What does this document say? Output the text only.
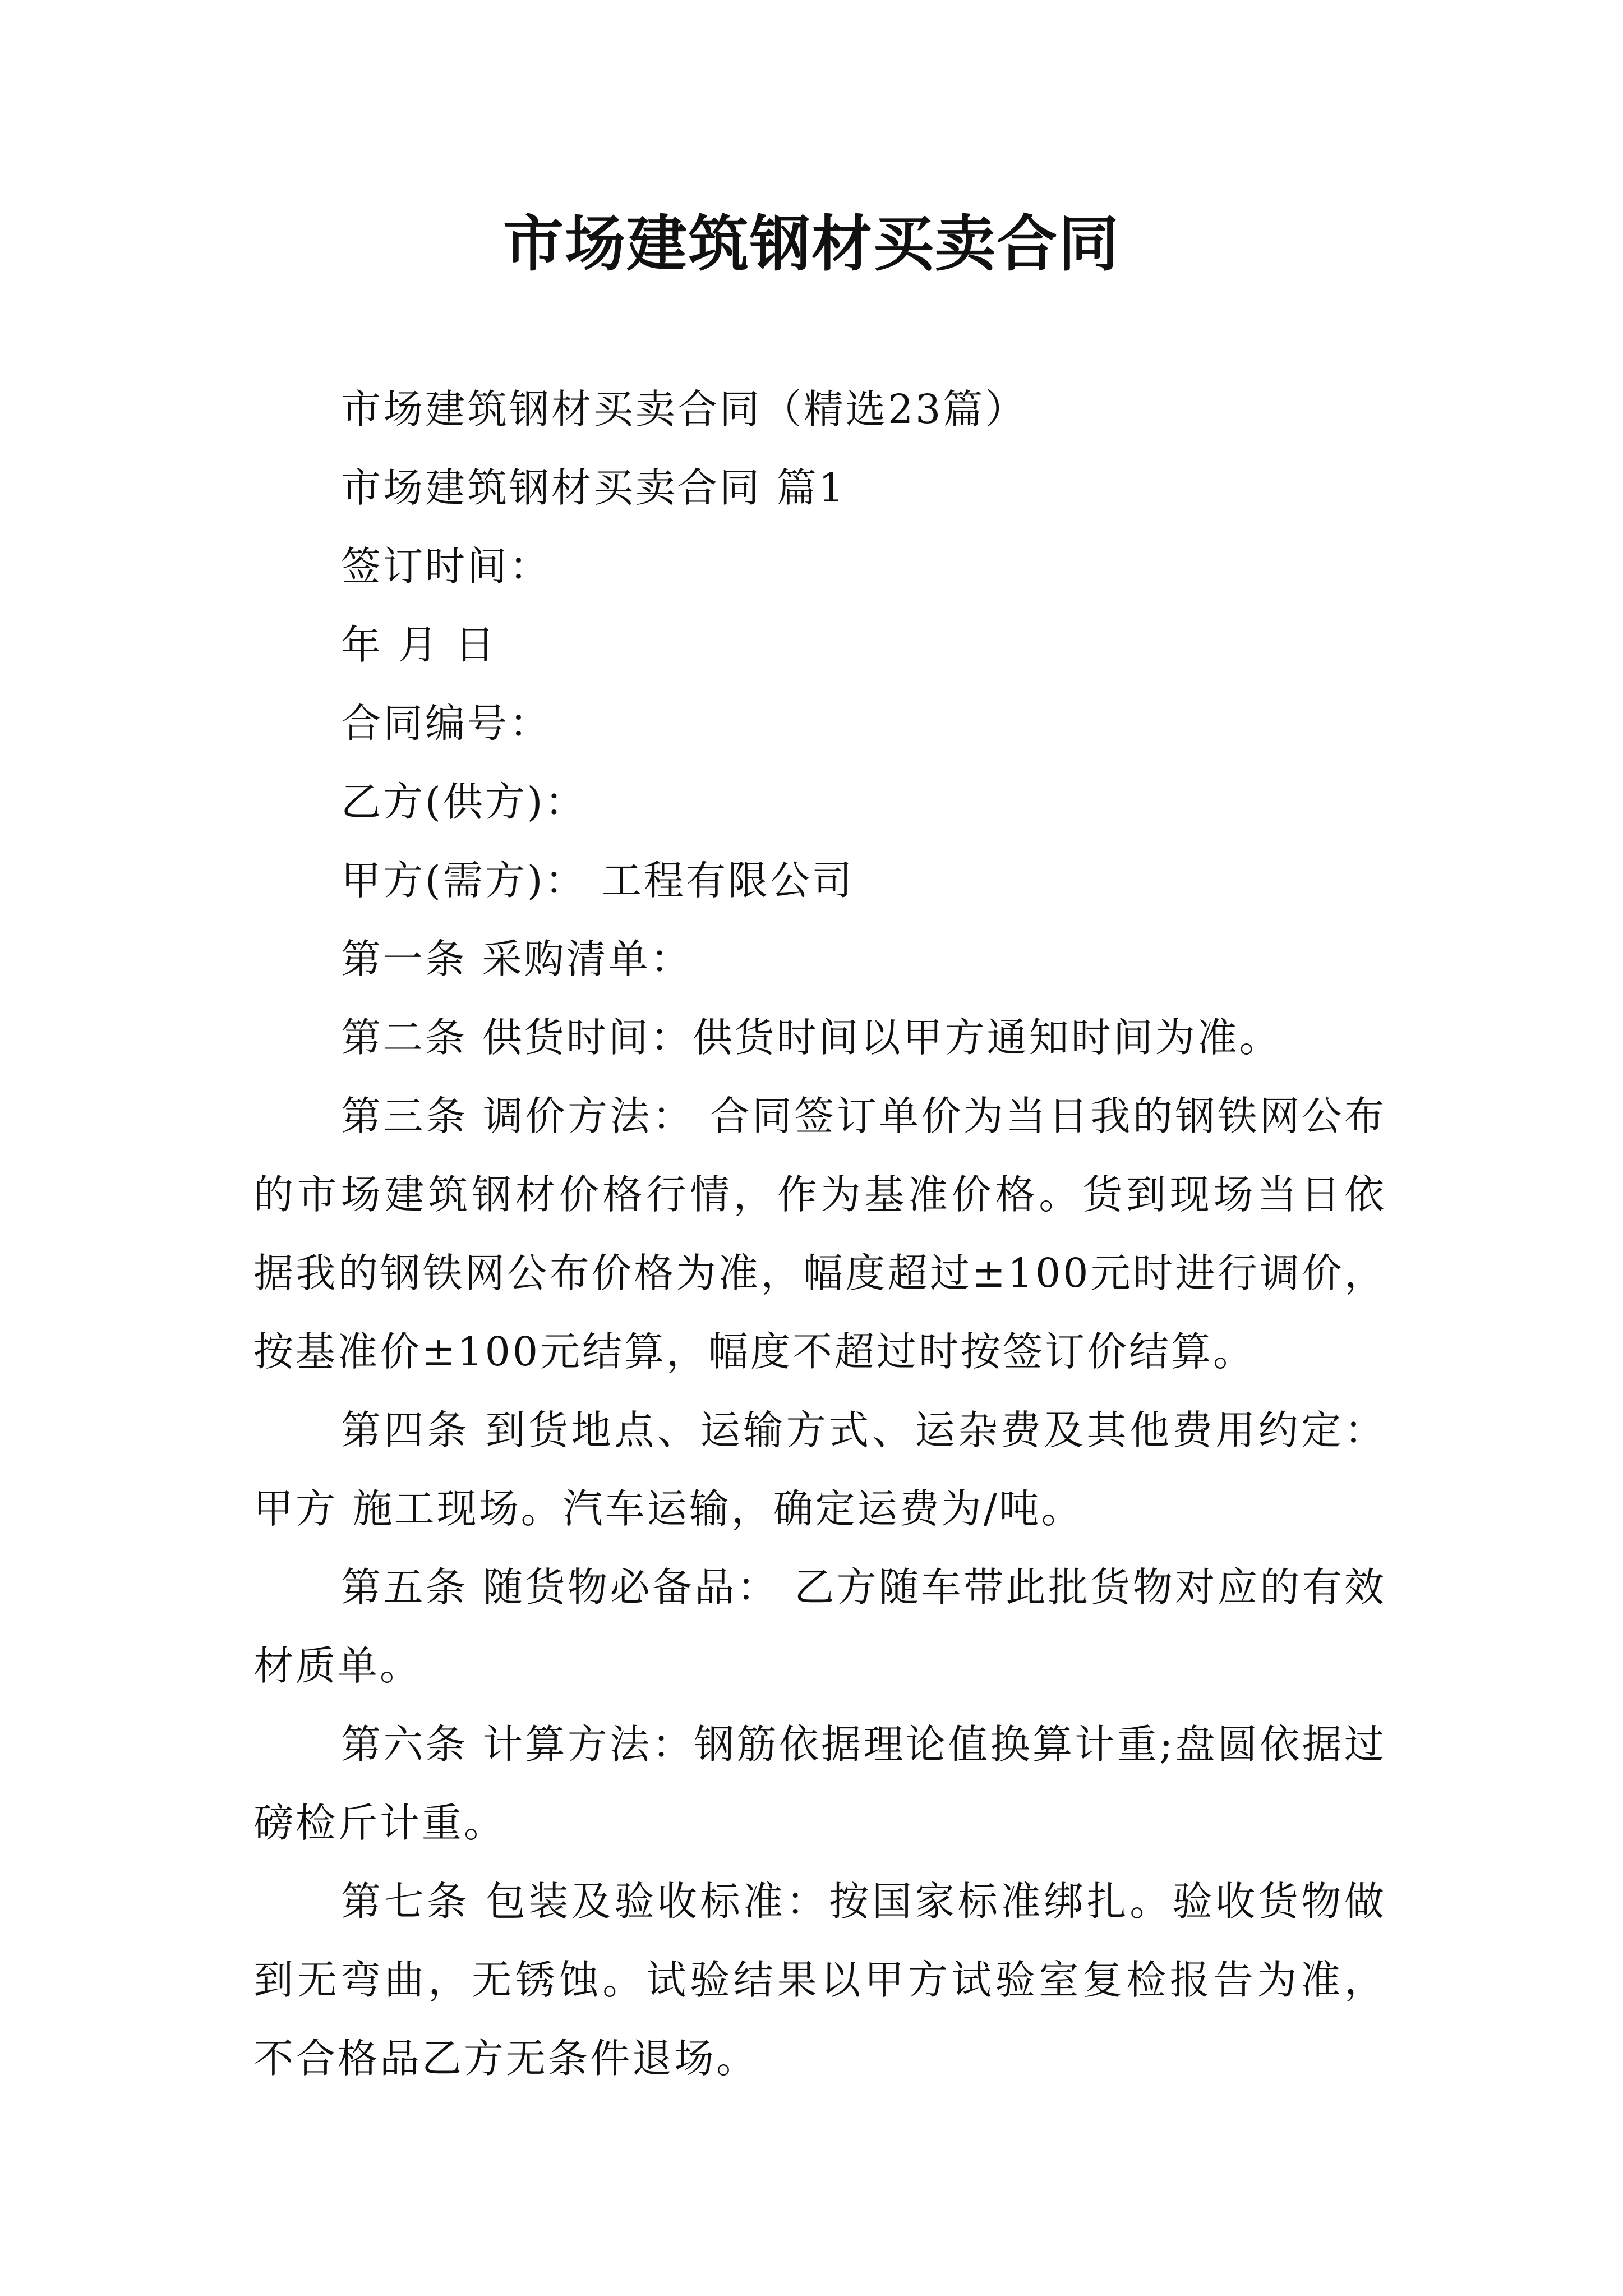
市场建筑钢材买卖合同

市场建筑钢材买卖合同（精选23篇）

市场建筑钢材买卖合同 篇1

签订时间：

年 月 日

合同编号：

乙方(供方)：

甲方(需方)： 工程有限公司

第一条 采购清单：

第二条 供货时间：供货时间以甲方通知时间为准。

第三条 调价方法： 合同签订单价为当日我的钢铁网公布的市场建筑钢材价格行情，作为基准价格。货到现场当日依据我的钢铁网公布价格为准，幅度超过±100元时进行调价，按基准价±100元结算，幅度不超过时按签订价结算。

第四条 到货地点、运输方式、运杂费及其他费用约定：甲方 施工现场。汽车运输，确定运费为/吨。

第五条 随货物必备品： 乙方随车带此批货物对应的有效材质单。

第六条 计算方法：钢筋依据理论值换算计重;盘圆依据过磅检斤计重。

第七条 包装及验收标准：按国家标准绑扎。验收货物做到无弯曲，无锈蚀。试验结果以甲方试验室复检报告为准，不合格品乙方无条件退场。
